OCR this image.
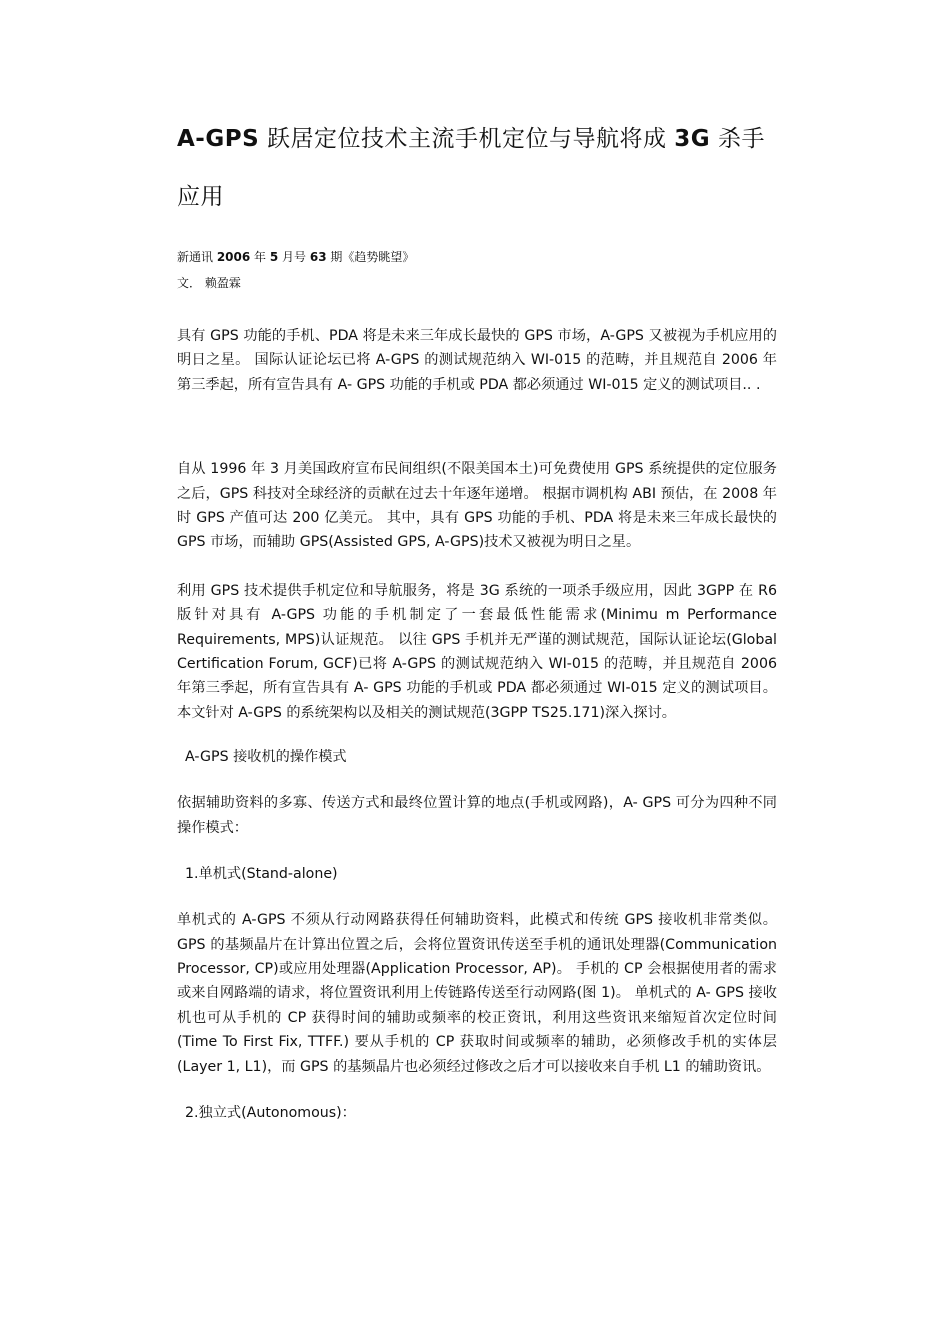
A-GPS 跃居定位技术主流手机定位与导航将成 3G 杀手应用
新通讯 2006 年 5 月号 63 期《趋势眺望》
文． 赖盈霖

具有 GPS 功能的手机、PDA 将是未来三年成长最快的 GPS 市场，A-GPS 又被视为手机应用的明日之星。 国际认证论坛已将 A-GPS 的测试规范纳入 WI-015 的范畴，并且规范自 2006 年第三季起，所有宣告具有 A- GPS 功能的手机或 PDA 都必须通过 WI-015 定义的测试项目.. .

自从 1996 年 3 月美国政府宣布民间组织(不限美国本土)可免费使用 GPS 系统提供的定位服务之后，GPS 科技对全球经济的贡献在过去十年逐年递增。 根据市调机构 ABI 预估，在 2008 年时 GPS 产值可达 200 亿美元。 其中，具有 GPS 功能的手机、PDA 将是未来三年成长最快的 GPS 市场，而辅助 GPS(Assisted GPS, A-GPS)技术又被视为明日之星。

利用 GPS 技术提供手机定位和导航服务，将是 3G 系统的一项杀手级应用，因此 3GPP 在 R6 版针对具有 A-GPS 功能的手机制定了一套最低性能需求(Minimu m Performance Requirements, MPS)认证规范。 以往 GPS 手机并无严谨的测试规范，国际认证论坛(Global Certification Forum, GCF)已将 A-GPS 的测试规范纳入 WI-015 的范畴，并且规范自 2006 年第三季起，所有宣告具有 A- GPS 功能的手机或 PDA 都必须通过 WI-015 定义的测试项目。 本文针对 A-GPS 的系统架构以及相关的测试规范(3GPP TS25.171)深入探讨。

A-GPS 接收机的操作模式

依据辅助资料的多寡、传送方式和最终位置计算的地点(手机或网路)，A- GPS 可分为四种不同操作模式：

1.单机式(Stand-alone)

单机式的 A-GPS 不须从行动网路获得任何辅助资料，此模式和传统 GPS 接收机非常类似。 GPS 的基频晶片在计算出位置之后，会将位置资讯传送至手机的通讯处理器(Communication Processor, CP)或应用处理器(Application Processor, AP)。 手机的 CP 会根据使用者的需求或来自网路端的请求，将位置资讯利用上传链路传送至行动网路(图 1)。 单机式的 A- GPS 接收机也可从手机的 CP 获得时间的辅助或频率的校正资讯，利用这些资讯来缩短首次定位时间(Time To First Fix, TTFF.) 要从手机的 CP 获取时间或频率的辅助，必须修改手机的实体层(Layer 1, L1)，而 GPS 的基频晶片也必须经过修改之后才可以接收来自手机 L1 的辅助资讯。

2.独立式(Autonomous)：
